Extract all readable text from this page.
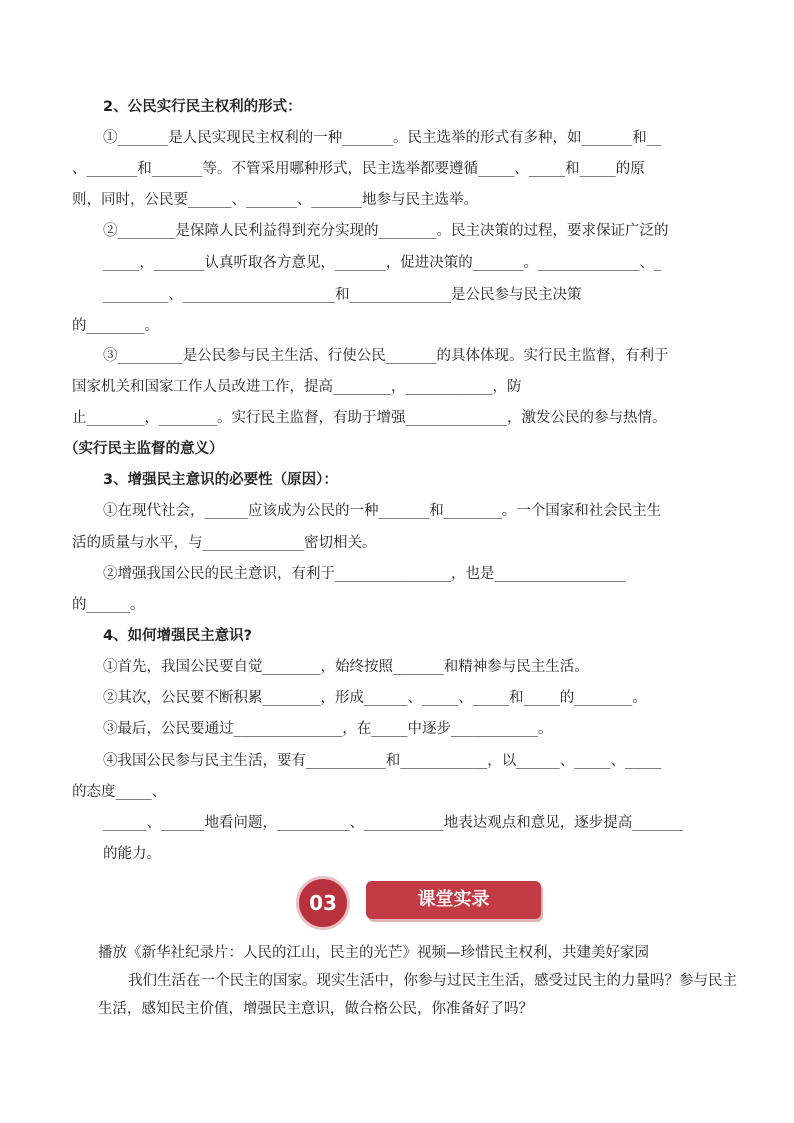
2、公民实行民主权利的形式：
①_______是人民实现民主权利的一种_______。民主选举的形式有多种，如_______和__
、_______和_______等。不管采用哪种形式，民主选举都要遵循_____、_____和_____的原
则，同时，公民要______、_______、_______地参与民主选举。
②________是保障人民利益得到充分实现的________。民主决策的过程，要求保证广泛的
_____，_______认真听取各方意见，_______，促进决策的_______。______________、_
_________、_____________________和______________是公民参与民主决策
的________。
③_________是公民参与民主生活、行使公民_______的具体体现。实行民主监督，有利于
国家机关和国家工作人员改进工作，提高________，____________，防
止________，________。实行民主监督，有助于增强______________，激发公民的参与热情。
（实行民主监督的意义）
3、增强民主意识的必要性（原因）：
①在现代社会，______应该成为公民的一种_______和________。一个国家和社会民主生
活的质量与水平，与______________密切相关。
②增强我国公民的民主意识，有利于________________，也是__________________
的______。
4、如何增强民主意识?
①首先，我国公民要自觉________，始终按照_______和精神参与民主生活。
②其次，公民要不断积累________，形成______、_____、_____和_____的________。
③最后，公民要通过_______________，在_____中逐步____________。
④我国公民参与民主生活，要有___________和____________，以______、_____、_____
的态度_____、
______、______地看问题，__________、___________地表达观点和意见，逐步提高_______
的能力。
03	课堂实录
播放《新华社纪录片：人民的江山，民主的光芒》视频—珍惜民主权利，共建美好家园
我们生活在一个民主的国家。现实生活中，你参与过民主生活，感受过民主的力量吗？参与民主
生活，感知民主价值，增强民主意识，做合格公民，你准备好了吗？
